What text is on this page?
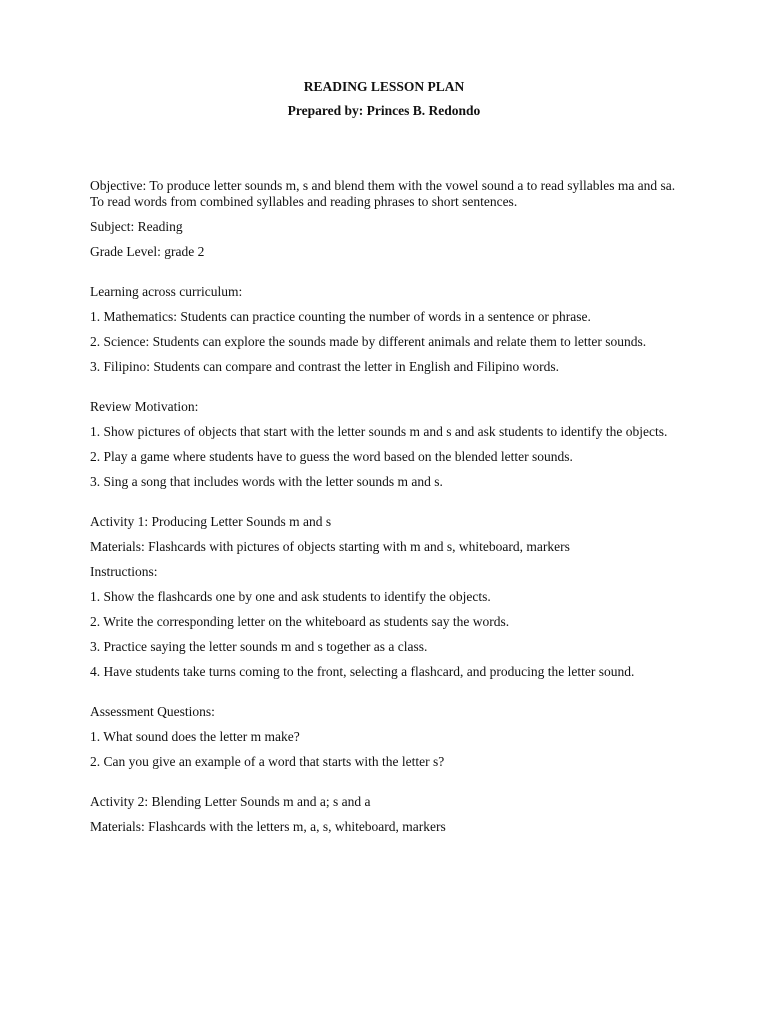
READING LESSON PLAN

Prepared by: Princes B. Redondo

Objective: To produce letter sounds m, s and blend them with the vowel sound a to read syllables ma and sa. To read words from combined syllables and reading phrases to short sentences.

Subject: Reading

Grade Level: grade 2

Learning across curriculum:

1. Mathematics: Students can practice counting the number of words in a sentence or phrase.

2. Science: Students can explore the sounds made by different animals and relate them to letter sounds.

3. Filipino: Students can compare and contrast the letter in English and Filipino words.

Review Motivation:

1. Show pictures of objects that start with the letter sounds m and s and ask students to identify the objects.

2. Play a game where students have to guess the word based on the blended letter sounds.

3. Sing a song that includes words with the letter sounds m and s.

Activity 1: Producing Letter Sounds m and s

Materials: Flashcards with pictures of objects starting with m and s, whiteboard, markers

Instructions:

1. Show the flashcards one by one and ask students to identify the objects.

2. Write the corresponding letter on the whiteboard as students say the words.

3. Practice saying the letter sounds m and s together as a class.

4. Have students take turns coming to the front, selecting a flashcard, and producing the letter sound.

Assessment Questions:

1. What sound does the letter m make?

2. Can you give an example of a word that starts with the letter s?

Activity 2: Blending Letter Sounds m and a; s and a

Materials: Flashcards with the letters m, a, s, whiteboard, markers
